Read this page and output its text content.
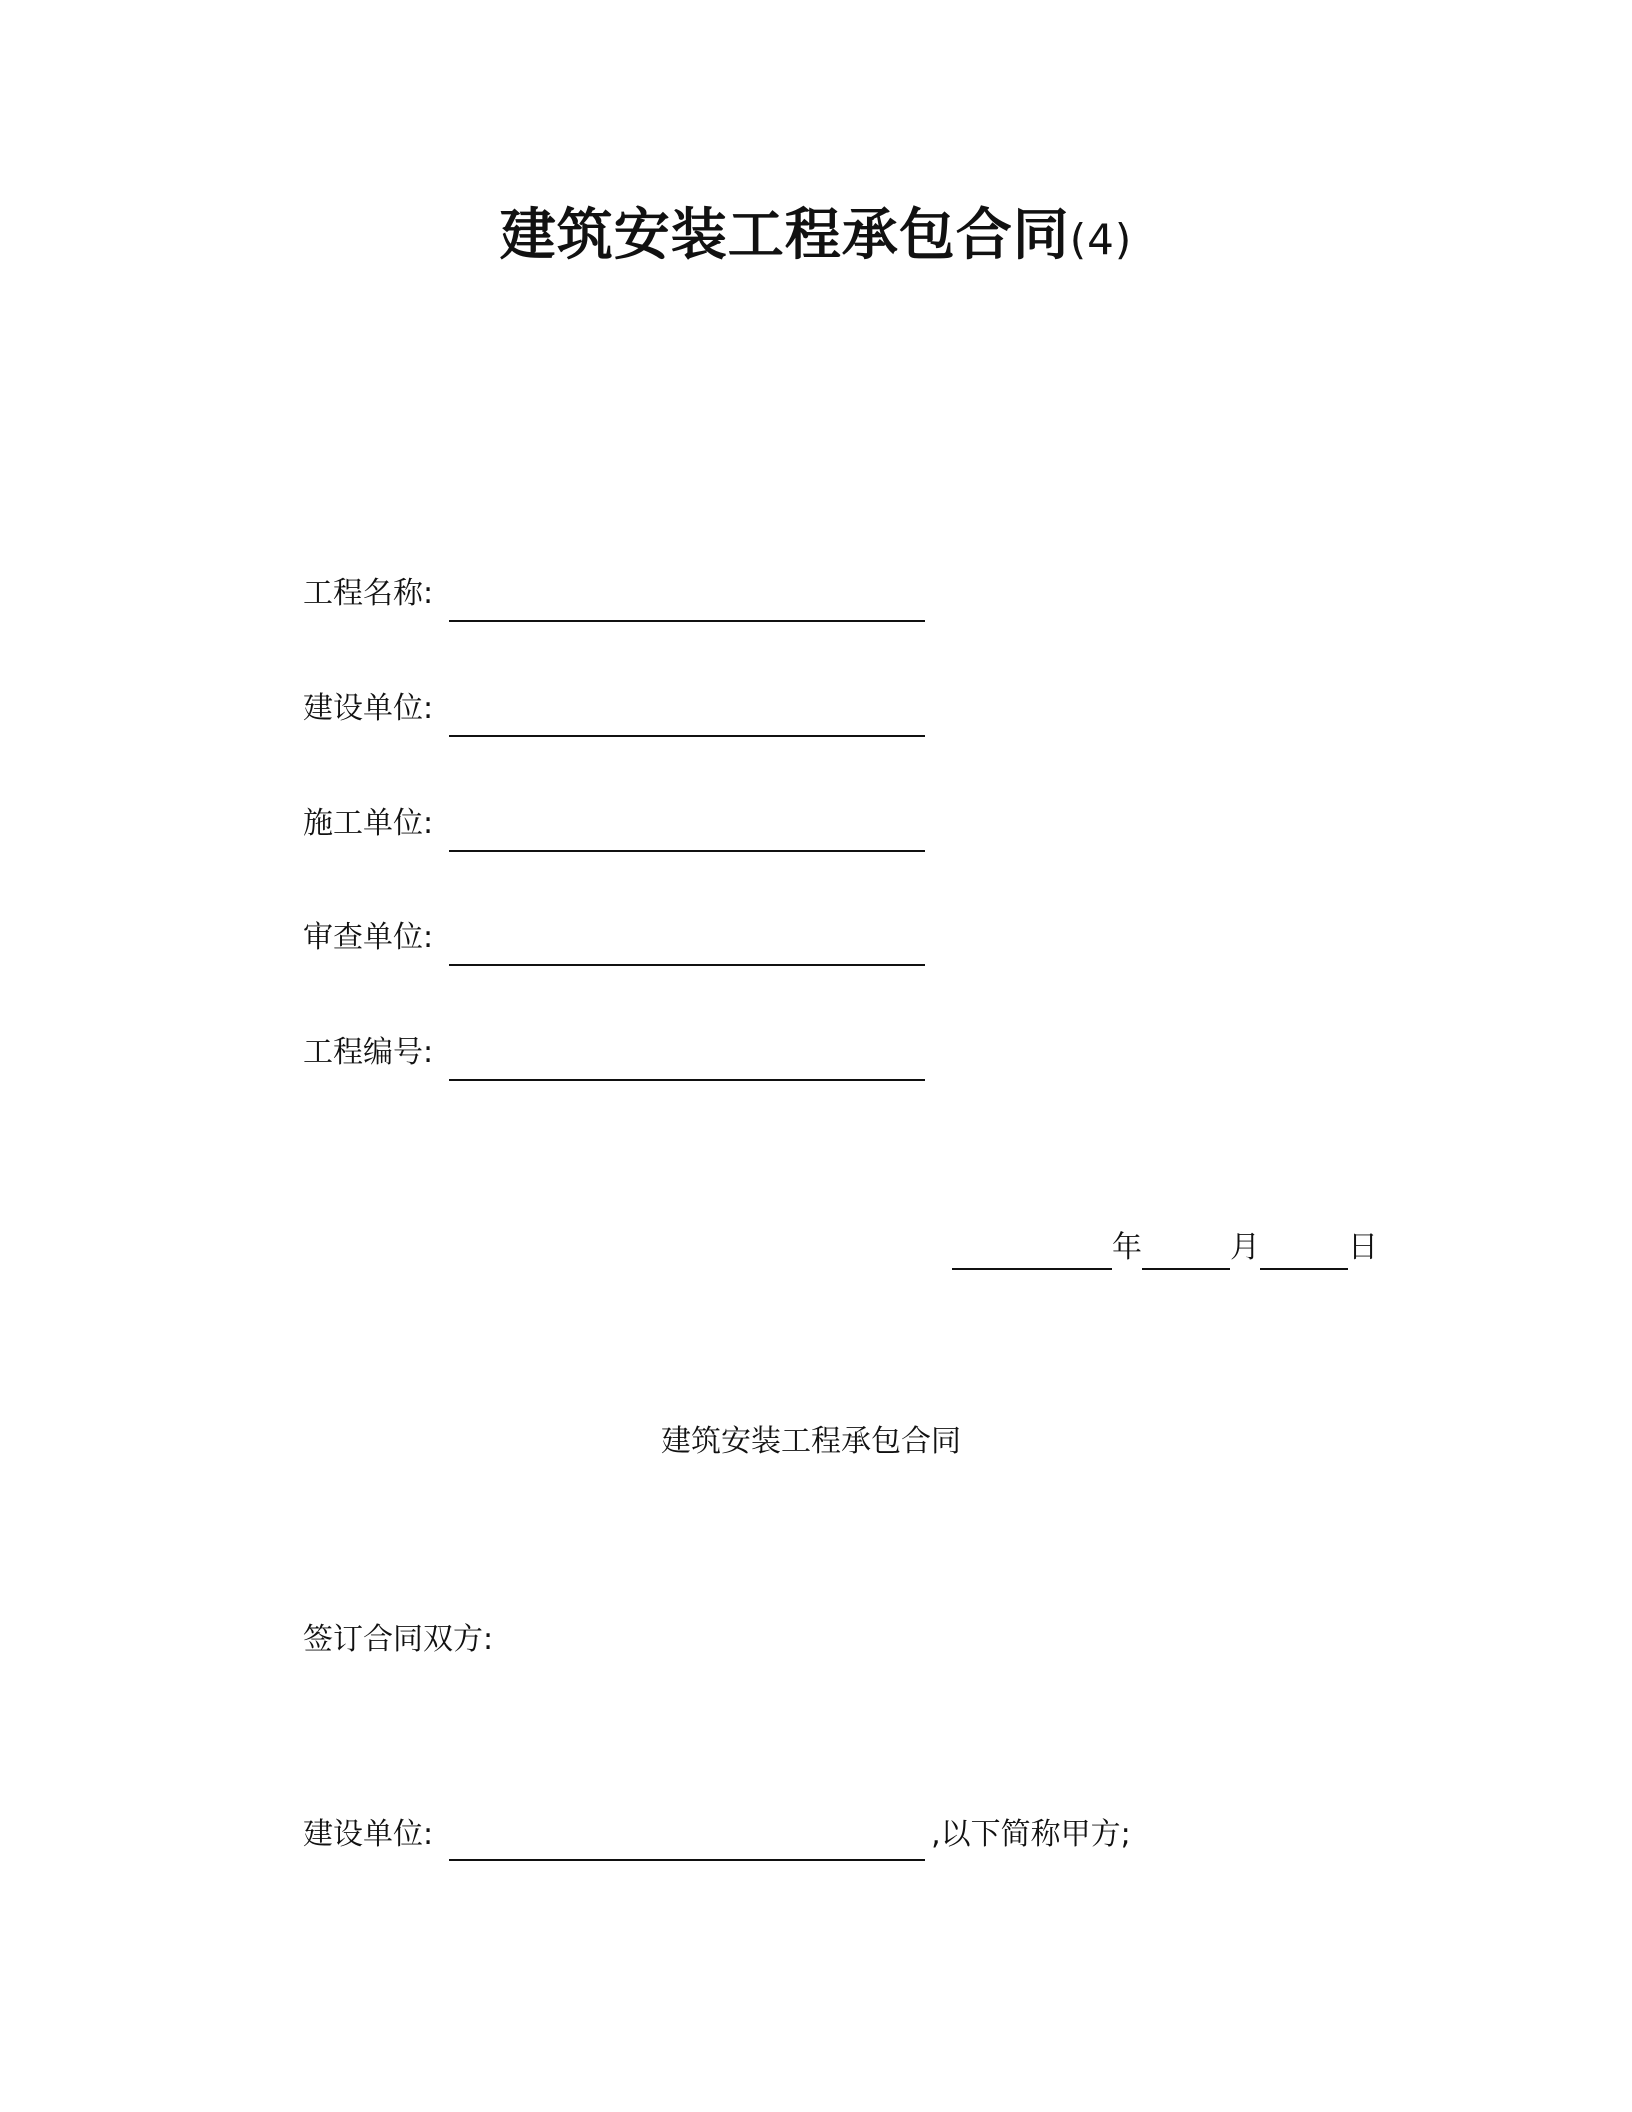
建筑安装工程承包合同(4)
工程名称:
建设单位:
施工单位:
审查单位:
工程编号:
年	月	日
建筑安装工程承包合同
签订合同双方:
建设单位:	,以下简称甲方;
